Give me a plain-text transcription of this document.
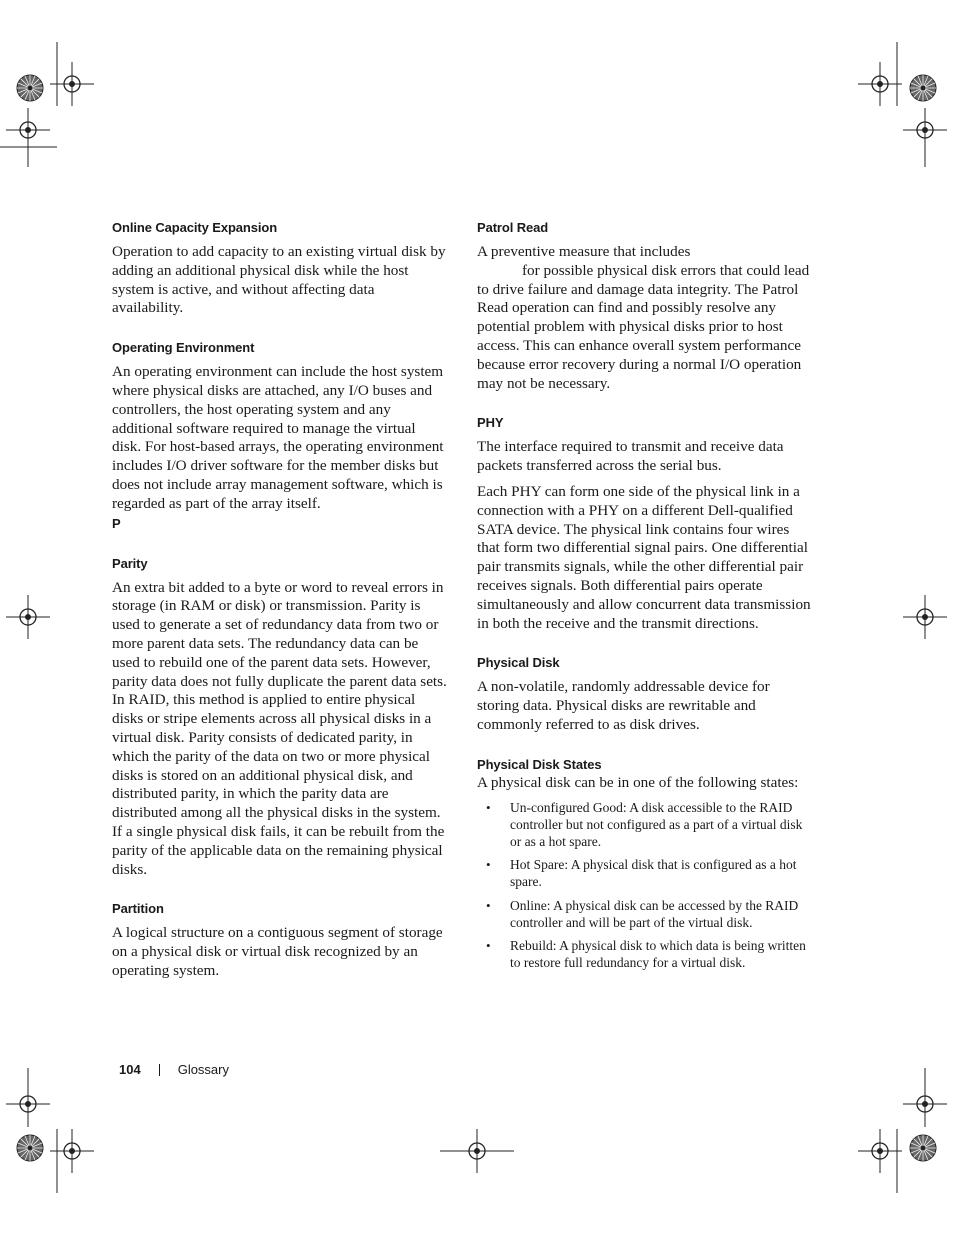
Online Capacity Expansion

Operation to add capacity to an existing virtual disk by adding an additional physical disk while the host system is active, and without affecting data availability.

Operating Environment

An operating environment can include the host system where physical disks are attached, any I/O buses and controllers, the host operating system and any additional software required to manage the virtual disk. For host-based arrays, the operating environment includes I/O driver software for the member disks but does not include array management software, which is regarded as part of the array itself.

P
Parity

An extra bit added to a byte or word to reveal errors in storage (in RAM or disk) or transmission. Parity is used to generate a set of redundancy data from two or more parent data sets. The redundancy data can be used to rebuild one of the parent data sets. However, parity data does not fully duplicate the parent data sets. In RAID, this method is applied to entire physical disks or stripe elements across all physical disks in a virtual disk. Parity consists of dedicated parity, in which the parity of the data on two or more physical disks is stored on an additional physical disk, and distributed parity, in which the parity data are distributed among all the physical disks in the system. If a single physical disk fails, it can be rebuilt from the parity of the applicable data on the remaining physical disks.

Partition

A logical structure on a contiguous segment of storage on a physical disk or virtual disk recognized by an operating system.

Patrol Read

A preventive measure that includes
for possible physical disk errors that could lead to drive failure and damage data integrity. The Patrol Read operation can find and possibly resolve any potential problem with physical disks prior to host access. This can enhance overall system performance because error recovery during a normal I/O operation may not be necessary.

PHY

The interface required to transmit and receive data packets transferred across the serial bus.

Each PHY can form one side of the physical link in a connection with a PHY on a different Dell-qualified SATA device. The physical link contains four wires that form two differential signal pairs. One differential pair transmits signals, while the other differential pair receives signals. Both differential pairs operate simultaneously and allow concurrent data transmission in both the receive and the transmit directions.

Physical Disk

A non-volatile, randomly addressable device for storing data. Physical disks are rewritable and commonly referred to as disk drives.

Physical Disk States

A physical disk can be in one of the following states:

• Un-configured Good: A disk accessible to the RAID controller but not configured as a part of a virtual disk or as a hot spare.
• Hot Spare: A physical disk that is configured as a hot spare.
• Online: A physical disk can be accessed by the RAID controller and will be part of the virtual disk.
• Rebuild: A physical disk to which data is being written to restore full redundancy for a virtual disk.
104	Glossary
